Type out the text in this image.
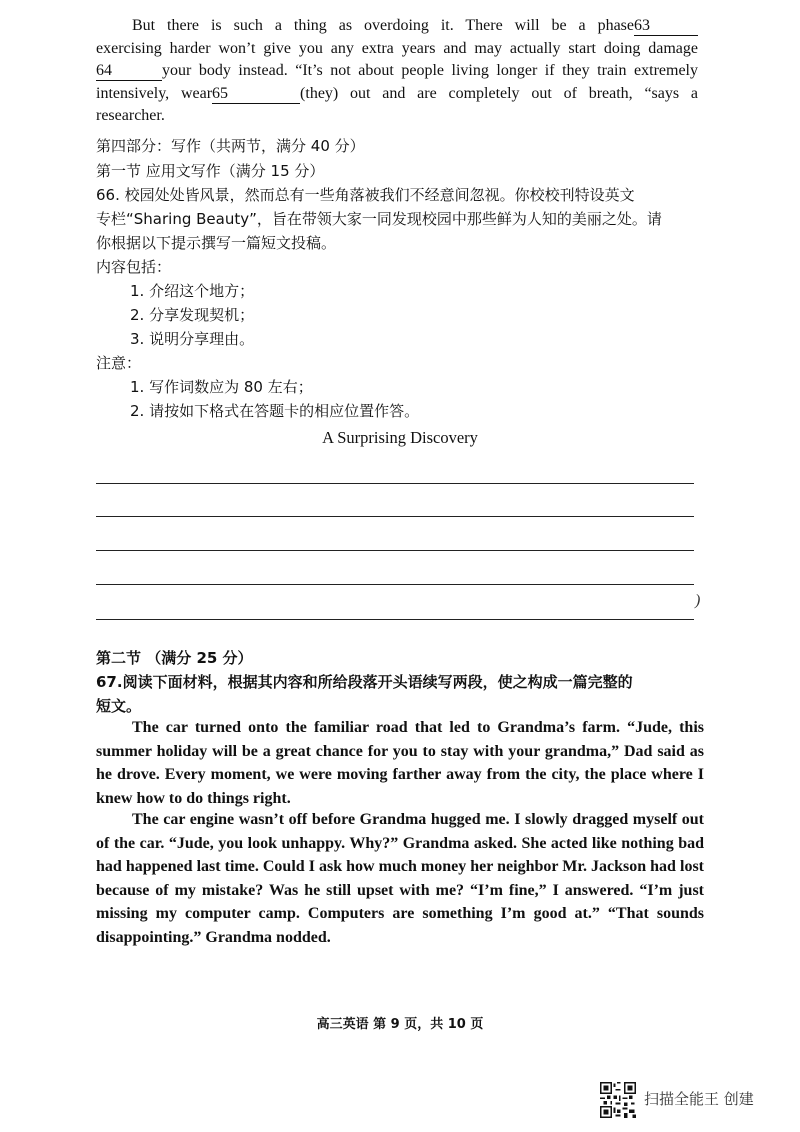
But there is such a thing as overdoing it. There will be a phase63
exercising harder won’t give you any extra years and may actually start doing damage
64	your body instead. “It’s not about people living longer if they train extremely
intensively, wear65	(they) out and are completely out of breath, “says a
researcher.
第四部分：写作（共两节，满分 40 分）
第一节 应用文写作（满分 15 分）
66. 校园处处皆风景，然而总有一些角落被我们不经意间忽视。你校校刊特设英文
专栏“Sharing Beauty”，旨在带领大家一同发现校园中那些鲜为人知的美丽之处。请
你根据以下提示撰写一篇短文投稿。
内容包括：
1. 介绍这个地方；
2. 分享发现契机；
3. 说明分享理由。
注意：
1. 写作词数应为 80 左右；
2. 请按如下格式在答题卡的相应位置作答。
A Surprising Discovery
)
第二节 （满分 25 分）
67.阅读下面材料，根据其内容和所给段落开头语续写两段，使之构成一篇完整的
短文。
The car turned onto the familiar road that led to Grandma’s farm. “Jude, this
summer holiday will be a great chance for you to stay with your grandma,” Dad said as
he drove. Every moment, we were moving farther away from the city, the place where I
knew how to do things right.
The car engine wasn’t off before Grandma hugged me. I slowly dragged myself out
of the car. “Jude, you look unhappy. Why?” Grandma asked. She acted like nothing bad
had happened last time. Could I ask how much money her neighbor Mr. Jackson had lost
because of my mistake? Was he still upset with me? “I’m fine,” I answered. “I’m just
missing my computer camp. Computers are something I’m good at.” “That sounds
disappointing.” Grandma nodded.
高三英语 第 9 页，共 10 页
扫描全能王 创建
